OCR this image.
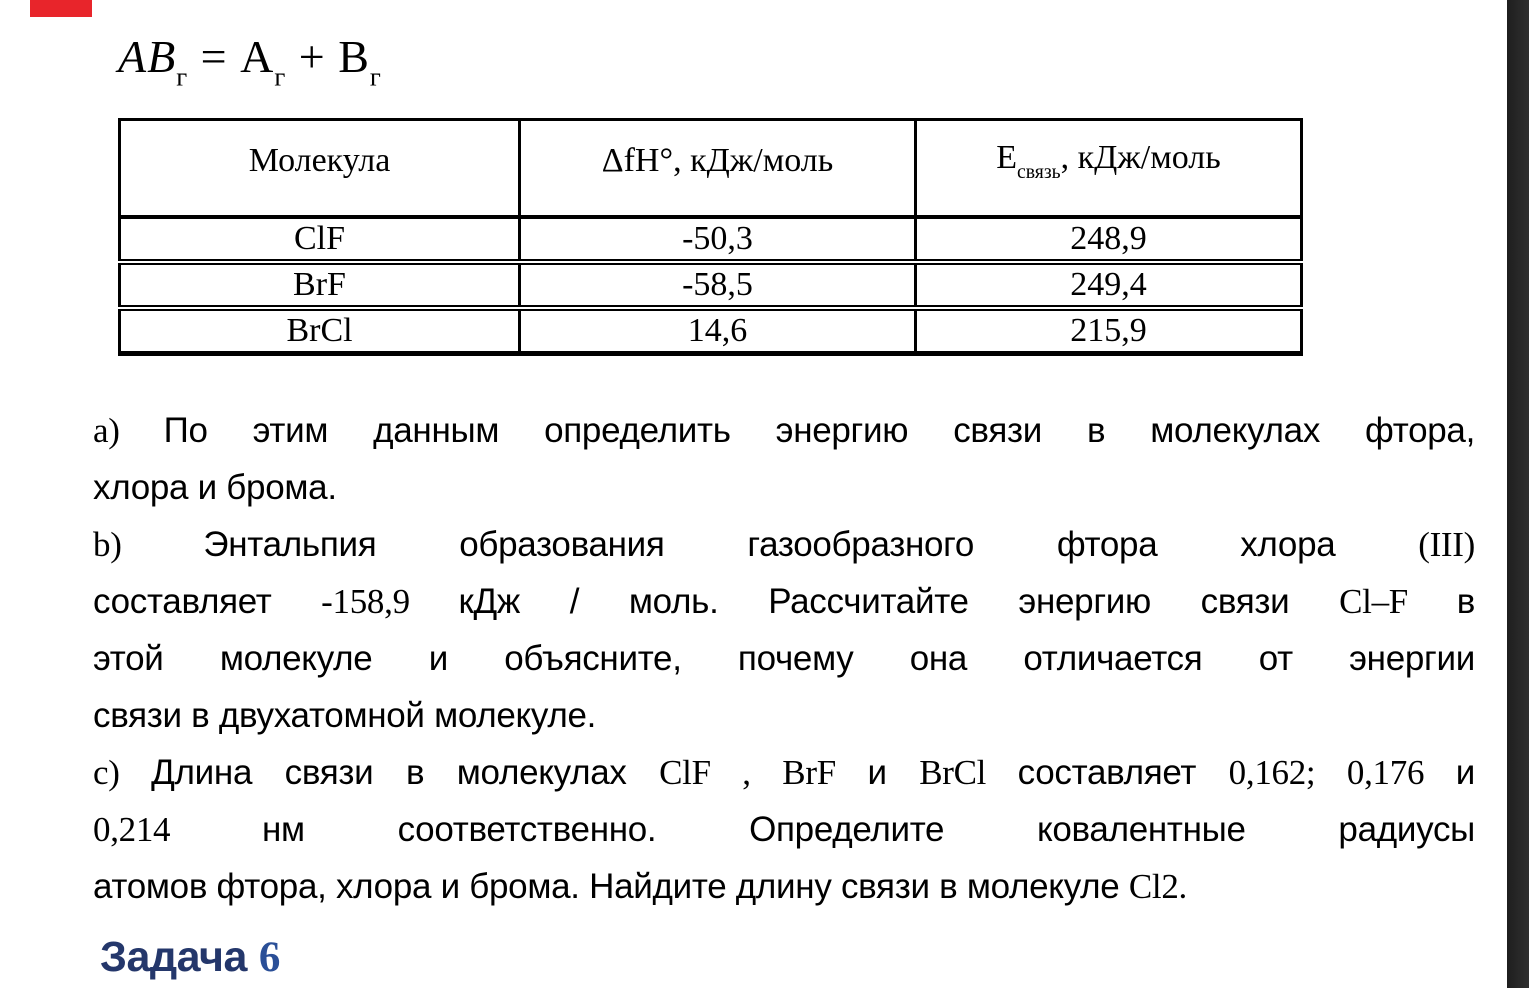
$AB_г = A_г + B_г$
Молекула	ΔfH°, кДж/моль	$E_{связь}$, кДж/моль
ClF	-50,3	248,9
BrF	-58,5	249,4
BrCl	14,6	215,9

a) По этим данным определить энергию связи в молекулах фтора,
хлора и брома.

b) Энтальпия образования газообразного фтора хлора (III)
составляет -158,9 кДж / моль. Рассчитайте энергию связи Cl–F в
этой молекуле и объясните, почему она отличается от энергии
связи в двухатомной молекуле.

c) Длина связи в молекулах ClF , BrF и BrCl составляет 0,162; 0,176 и
0,214 нм соответственно. Определите ковалентные радиусы
атомов фтора, хлора и брома. Найдите длину связи в молекуле Cl2.

Задача 6
